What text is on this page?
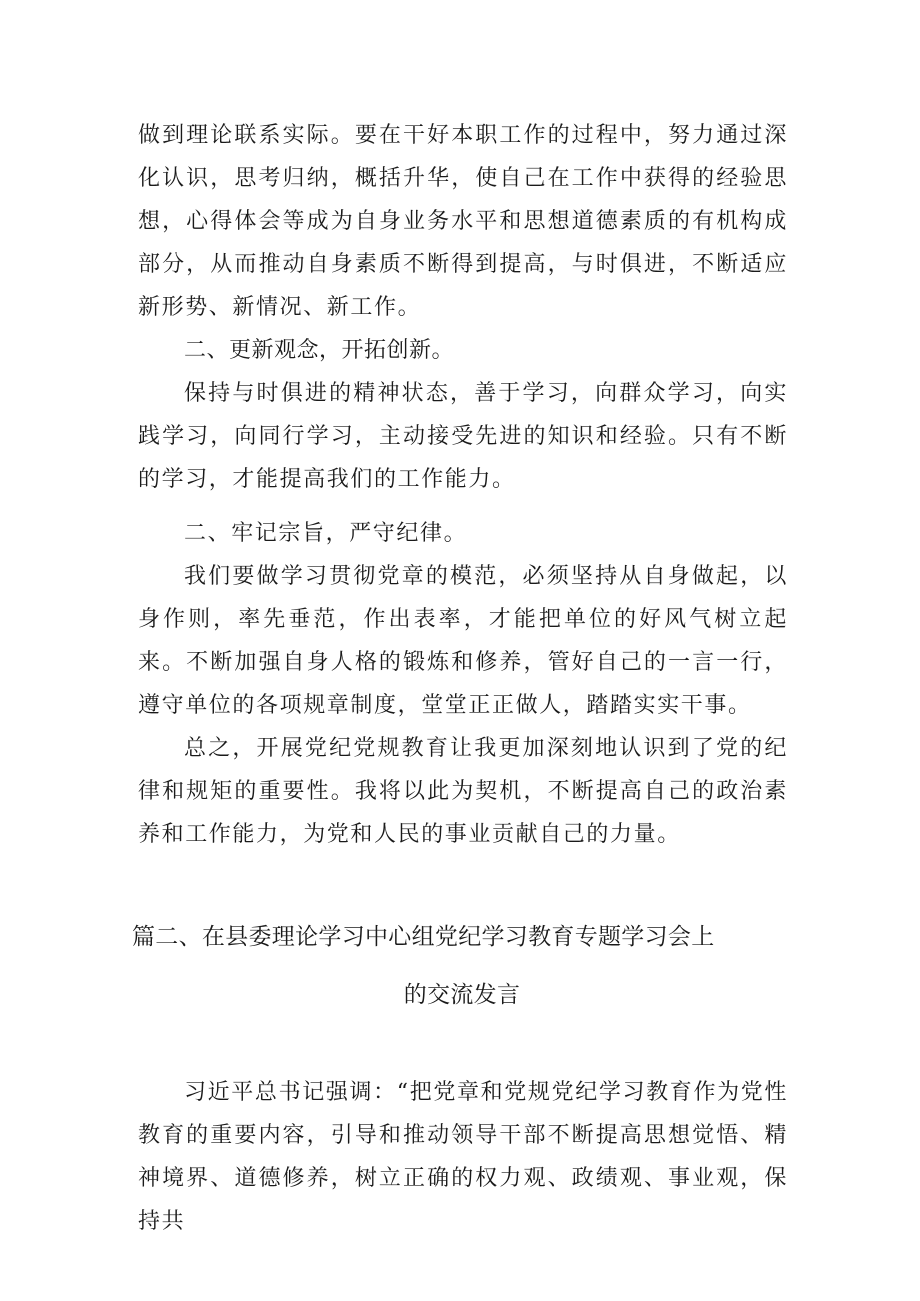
做到理论联系实际。要在干好本职工作的过程中，努力通过深化认识，思考归纳，概括升华，使自己在工作中获得的经验思想，心得体会等成为自身业务水平和思想道德素质的有机构成部分，从而推动自身素质不断得到提高，与时俱进，不断适应新形势、新情况、新工作。

二、更新观念，开拓创新。

保持与时俱进的精神状态，善于学习，向群众学习，向实践学习，向同行学习，主动接受先进的知识和经验。只有不断的学习，才能提高我们的工作能力。

二、牢记宗旨，严守纪律。

我们要做学习贯彻党章的模范，必须坚持从自身做起，以身作则，率先垂范，作出表率，才能把单位的好风气树立起来。不断加强自身人格的锻炼和修养，管好自己的一言一行，遵守单位的各项规章制度，堂堂正正做人，踏踏实实干事。

总之，开展党纪党规教育让我更加深刻地认识到了党的纪律和规矩的重要性。我将以此为契机，不断提高自己的政治素养和工作能力，为党和人民的事业贡献自己的力量。

篇二、在县委理论学习中心组党纪学习教育专题学习会上
的交流发言

习近平总书记强调：“把党章和党规党纪学习教育作为党性教育的重要内容，引导和推动领导干部不断提高思想觉悟、精神境界、道德修养，树立正确的权力观、政绩观、事业观，保持共
